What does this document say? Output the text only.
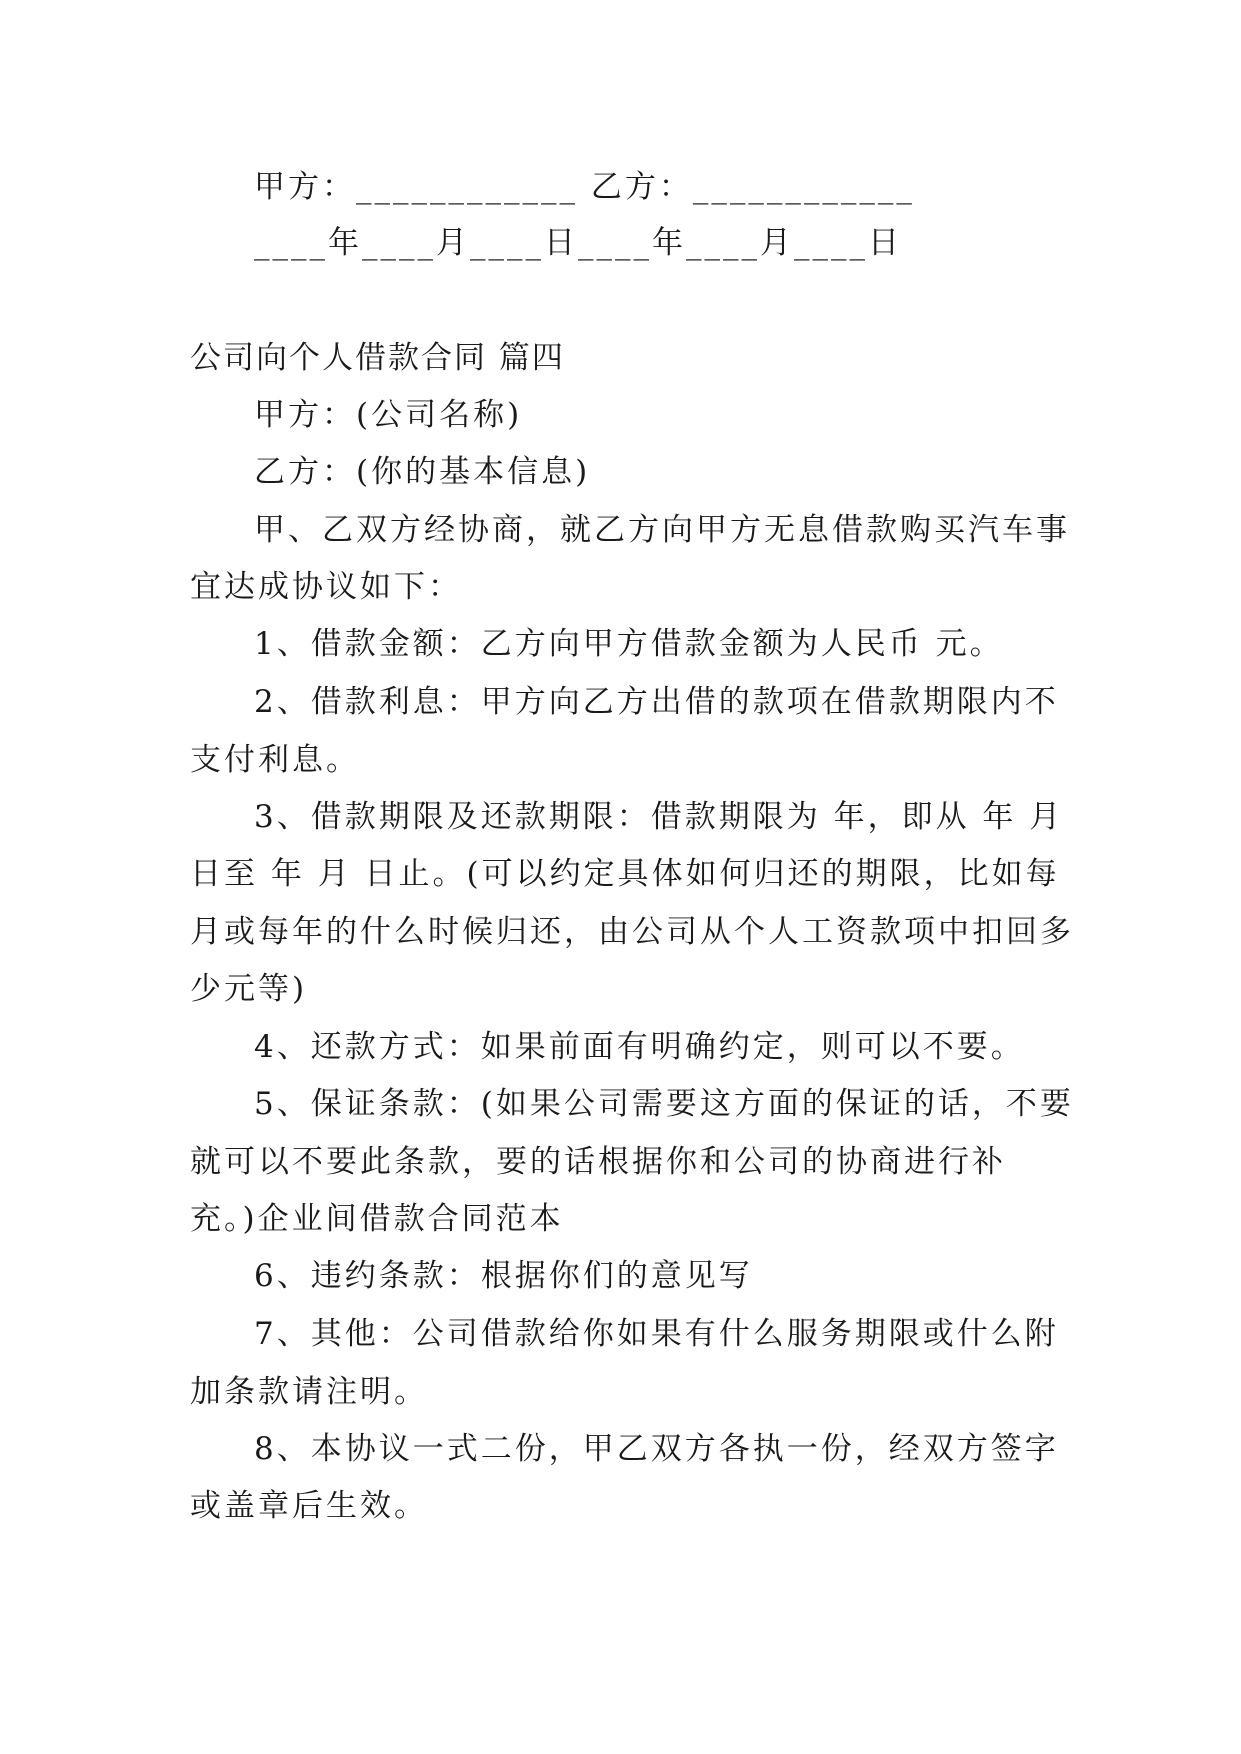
甲方：____________ 乙方：____________
____年____月____日____年____月____日
公司向个人借款合同 篇四
甲方：(公司名称)
乙方：(你的基本信息)
甲、乙双方经协商，就乙方向甲方无息借款购买汽车事
宜达成协议如下：
1、借款金额：乙方向甲方借款金额为人民币 元。
2、借款利息：甲方向乙方出借的款项在借款期限内不
支付利息。
3、借款期限及还款期限：借款期限为 年，即从 年 月
日至 年 月 日止。(可以约定具体如何归还的期限，比如每
月或每年的什么时候归还，由公司从个人工资款项中扣回多
少元等)
4、还款方式：如果前面有明确约定，则可以不要。
5、保证条款：(如果公司需要这方面的保证的话，不要
就可以不要此条款，要的话根据你和公司的协商进行补
充。)企业间借款合同范本
6、违约条款：根据你们的意见写
7、其他：公司借款给你如果有什么服务期限或什么附
加条款请注明。
8、本协议一式二份，甲乙双方各执一份，经双方签字
或盖章后生效。
